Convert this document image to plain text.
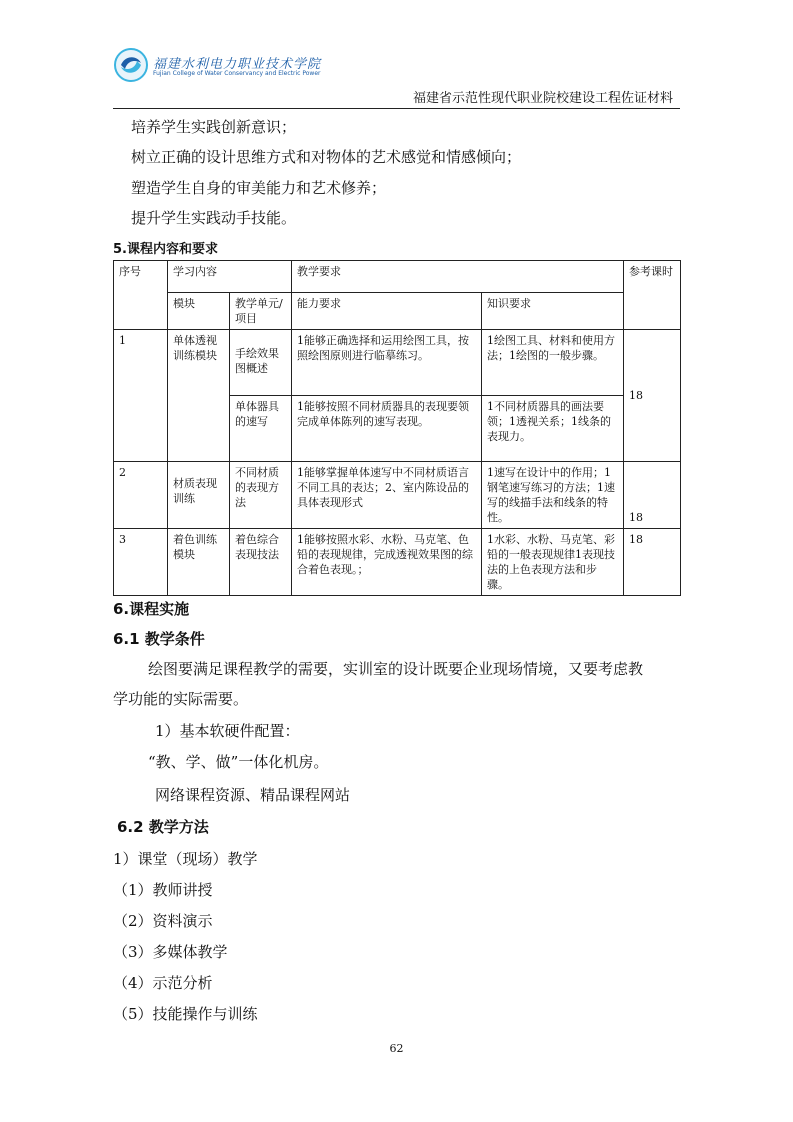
福建水利电力职业技术学院
Fujian College of Water Conservancy and Electric Power
福建省示范性现代职业院校建设工程佐证材料
培养学生实践创新意识；
树立正确的设计思维方式和对物体的艺术感觉和情感倾向；
塑造学生自身的审美能力和艺术修养；
提升学生实践动手技能。
5.课程内容和要求
序号	学习内容		教学要求		参考课时
	模块	教学单元/项目	能力要求	知识要求	
1	单体透视训练模块	手绘效果图概述	1能够正确选择和运用绘图工具，按照绘图原则进行临摹练习。	1绘图工具、材料和使用方法；1绘图的一般步骤。	18
		单体器具的速写	1能够按照不同材质器具的表现要领完成单体陈列的速写表现。	1不同材质器具的画法要领；1透视关系；1线条的表现力。	
2	材质表现训练	不同材质的表现方法	1能够掌握单体速写中不同材质语言不同工具的表达；2、室内陈设品的具体表现形式	1速写在设计中的作用；1钢笔速写练习的方法；1速写的线描手法和线条的特性。	18
3	着色训练模块	着色综合表现技法	1能够按照水彩、水粉、马克笔、色铅的表现规律，完成透视效果图的综合着色表现。；	1水彩、水粉、马克笔、彩铅的一般表现规律1表现技法的上色表现方法和步骤。	18
6.课程实施
6.1 教学条件
绘图要满足课程教学的需要，实训室的设计既要企业现场情境，又要考虑教
学功能的实际需要。
1）基本软硬件配置：
“教、学、做”一体化机房。
网络课程资源、精品课程网站
6.2 教学方法
1）课堂（现场）教学
（1）教师讲授
（2）资料演示
（3）多媒体教学
（4）示范分析
（5）技能操作与训练
62
